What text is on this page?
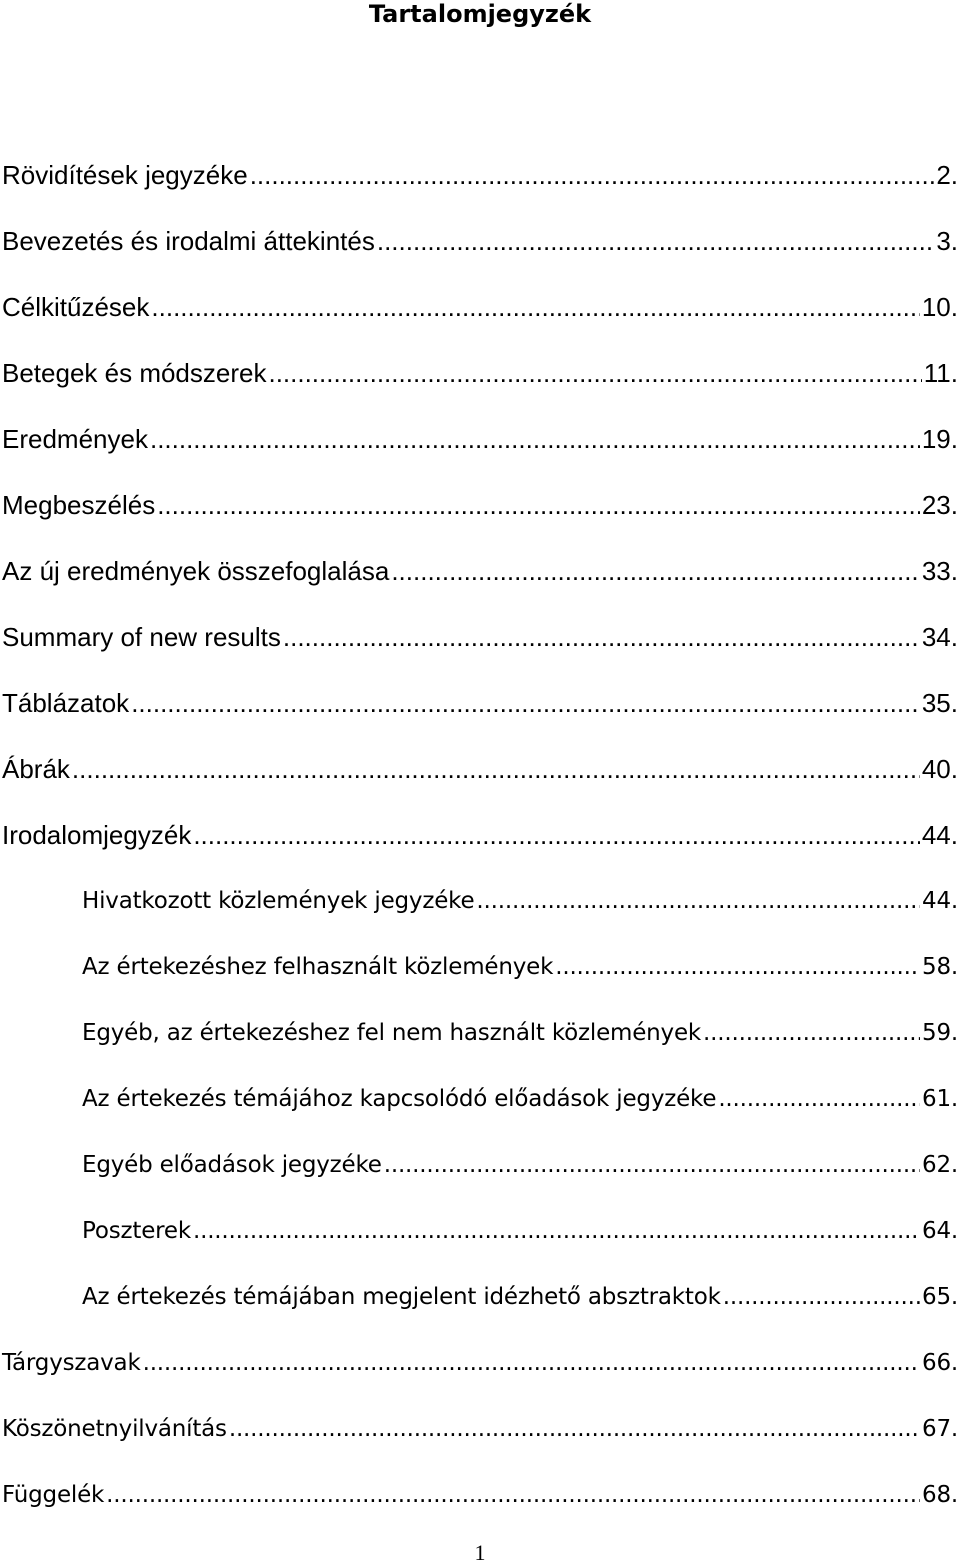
Tartalomjegyzék
Rövidítések jegyzéke .....	2.
Bevezetés és irodalmi áttekintés .....	3.
Célkitűzések .....	10.
Betegek és módszerek .....	11.
Eredmények .....	19.
Megbeszélés .....	23.
Az új eredmények összefoglalása .....	33.
Summary of new results .....	34.
Táblázatok .....	35.
Ábrák .....	40.
Irodalomjegyzék .....	44.
Hivatkozott közlemények jegyzéke .....	44.
Az értekezéshez felhasznált közlemények .....	58.
Egyéb, az értekezéshez fel nem használt közlemények .....	59.
Az értekezés témájához kapcsolódó előadások jegyzéke .....	61.
Egyéb előadások jegyzéke .....	62.
Poszterek .....	64.
Az értekezés témájában megjelent idézhető absztraktok .....	65.
Tárgyszavak .....	66.
Köszönetnyilvánítás .....	67.
Függelék .....	68.
1
